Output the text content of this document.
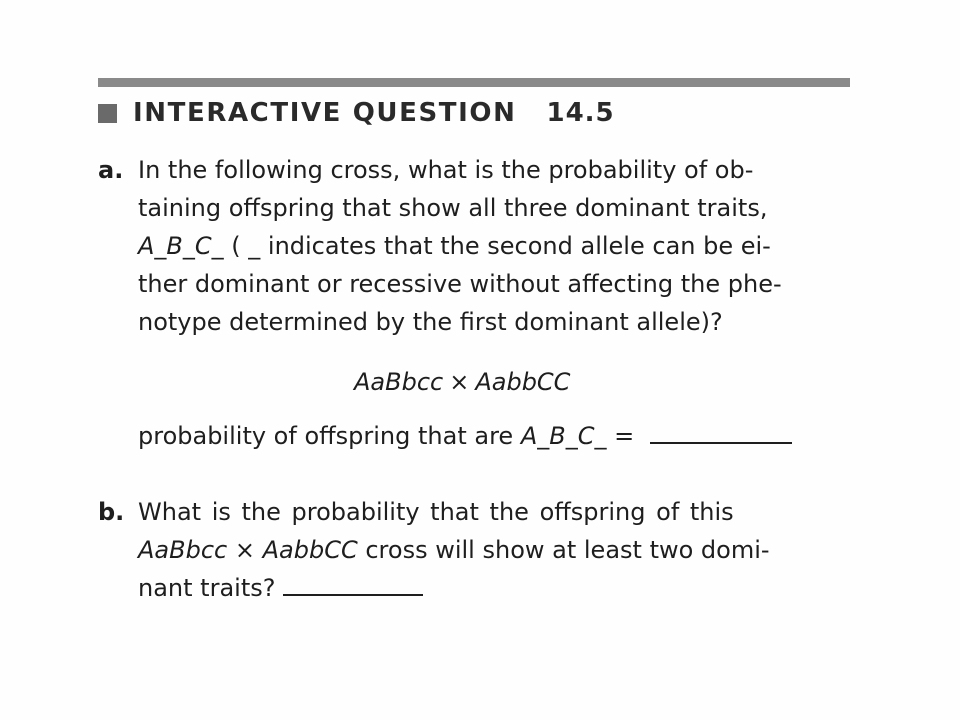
INTERACTIVE QUESTION 14.5
a. In the following cross, what is the probability of ob-
taining offspring that show all three dominant traits,
A_B_C_ ( _ indicates that the second allele can be ei-
ther dominant or recessive without affecting the phe-
notype determined by the first dominant allele)?
AaBbcc × AabbCC
probability of offspring that are A_B_C_ =
b. What is the probability that the offspring of this
AaBbcc × AabbCC cross will show at least two domi-
nant traits?
